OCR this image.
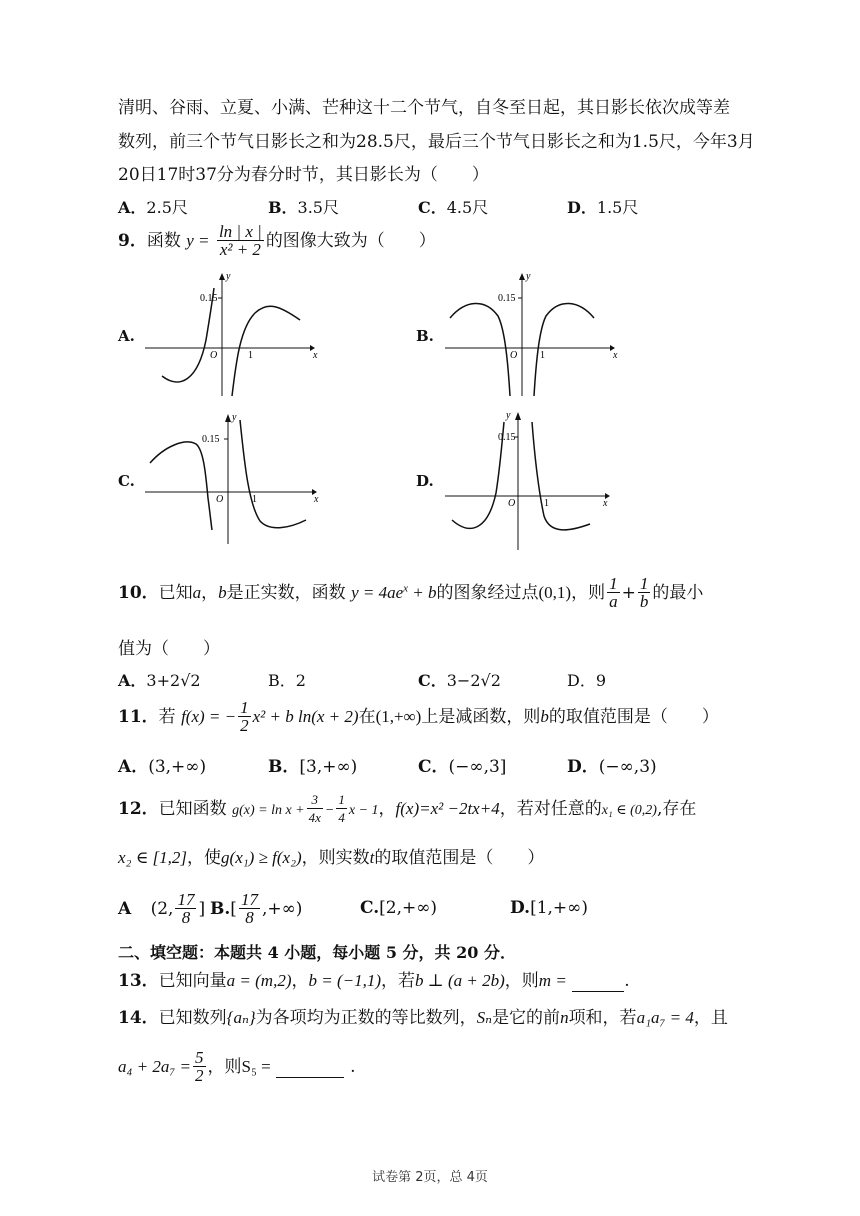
清明、谷雨、立夏、小满、芒种这十二个节气，自冬至日起，其日影长依次成等差
数列，前三个节气日影长之和为28.5尺，最后三个节气日影长之和为1.5尺，今年3月
20日17时37分为春分时节，其日影长为（　　）
A．2.5尺	B．3.5尺	C．4.5尺	D．1.5尺
9．函数 $y = \frac{\ln | x |}{\text{x² + 2}}$ 的图像大致为（　　）
A.
y
x
O	1
0.15
B.
y
x
O 1
0.15
C.
y
x
O	1
0.15
D.
y
x
O	1
0.15
10．已知a，b是正实数，函数 $y = 4ae^x + b$的图象经过点(0,1)，则 $\frac{1}{a} + \frac{1}{b}$ 的最小
值为（　　）
A．3+2√2	B．2	C．3−2√2	D．9
11．若 f(x) = − $\frac{1}{2} x^2 + b$ ln(x + 2)在(1,+∞)上是减函数，则b的取值范围是（　　）
A．(3,+∞)	B．[3,+∞)	C．(−∞,3]	D．(−∞,3)
12．已知函数 $g(x) = \ln x + \frac{3}{4x} - \frac{1}{4}$ x − 1，f(x)=x² −2tx+4，若对任意的x₁ ∈ (0,2),存在
x₂ ∈ [1,2]，使g(x₁) ≥ f(x₂)，则实数t的取值范围是（　　）
A (2, $\frac{17}{8}$ ] $B.[ \frac{17}{8}$ ,+∞)	C.[2,+∞)	D.[1,+∞)
二、填空题：本题共 4 小题，每小题 5 分，共 20 分．
13．已知向量a = (m,2)，b = (−1,1)，若b ⊥ (a + 2b)，则m =	.
14．已知数列{aₙ}为各项均为正数的等比数列，Sₙ是它的前n项和，若a₁a₇ = 4，且
$a_4 + 2a_7 = \frac{5}{2}$ ，则S₅ =	.
试卷第 2页，总 4页
